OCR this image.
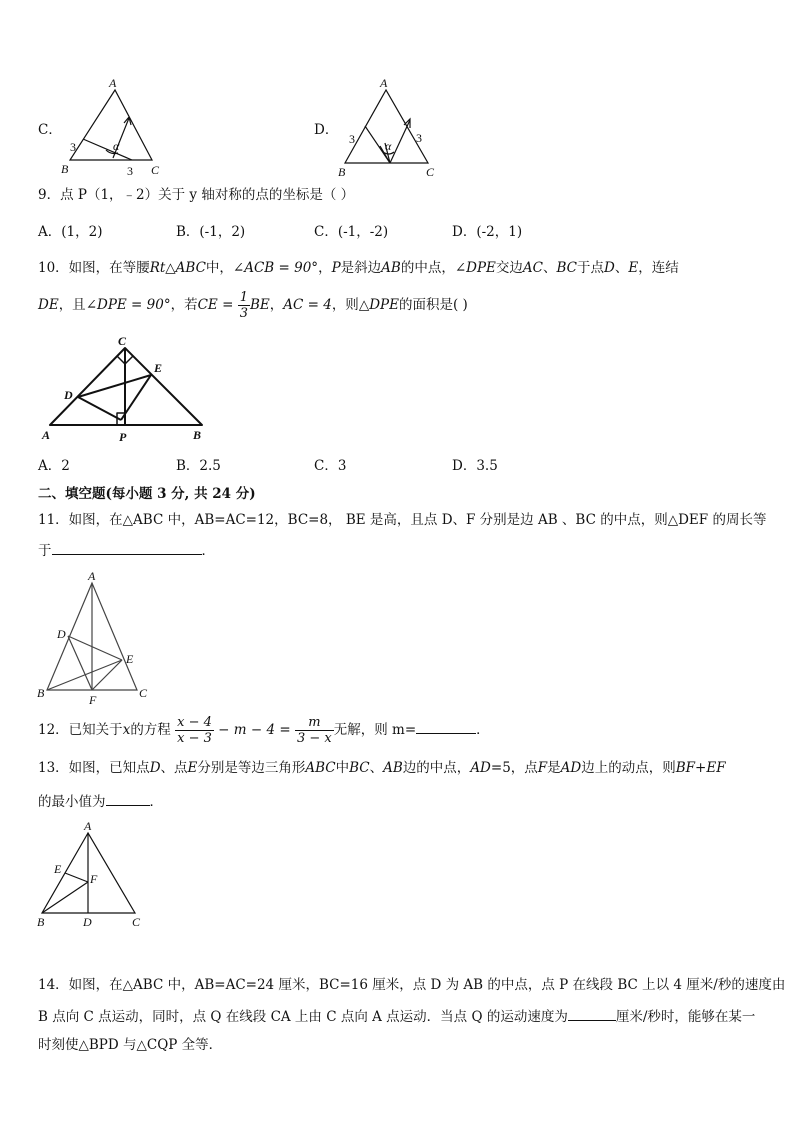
C．
A
B	C
3
3
α
D．
A
B	C
3	3
α
9．点 P（1，﹣2）关于 y 轴对称的点的坐标是（ ）
A．(1，2)	B．(-1，2)	C．(-1，-2)	D．(-2，1)
10．如图，在等腰Rt△ABC中，∠ACB = 90°，P是斜边AB的中点，∠DPE交边AC、BC于点D、E，连结
DE，且∠DPE = 90°，若CE = $\frac{1}{3}$ BE，AC = 4，则△DPE的面积是( )
C
E
D
A	P	B
A．2	B．2.5	C．3	D．3.5
二、填空题(每小题 3 分, 共 24 分)
11．如图，在△ABC 中，AB=AC=12，BC=8， BE 是高，且点 D、F 分别是边 AB 、BC 的中点，则△DEF 的周长等
于	．
A
D
E
B	F	C
12．已知关于x的方程 $\frac{x - 4}{x - 3} - m - 4 = \frac{m}{3 - x}$ 无解，则 m=	．
13．如图，已知点D、点E分别是等边三角形ABC中BC、AB边的中点，AD=5，点F是AD边上的动点，则BF+EF
的最小值为	．
A
E
F
B	D	C
14．如图，在△ABC 中，AB=AC=24 厘米，BC=16 厘米，点 D 为 AB 的中点，点 P 在线段 BC 上以 4 厘米/秒的速度由
B 点向 C 点运动，同时，点 Q 在线段 CA 上由 C 点向 A 点运动．当点 Q 的运动速度为	厘米/秒时，能够在某一
时刻使△BPD 与△CQP 全等．
